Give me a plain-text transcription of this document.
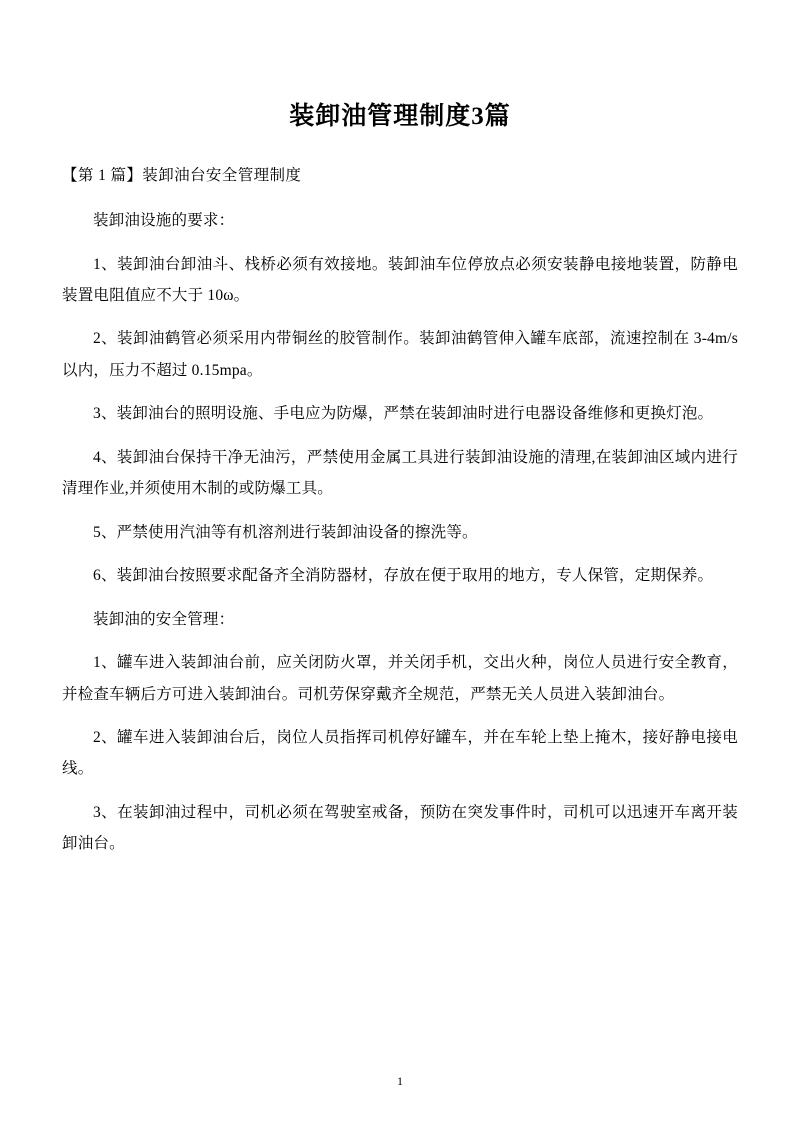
装卸油管理制度3篇
【第 1 篇】装卸油台安全管理制度

装卸油设施的要求：

1、装卸油台卸油斗、栈桥必须有效接地。装卸油车位停放点必须安装静电接地装置，防静电装置电阻值应不大于 10ω。

2、装卸油鹤管必须采用内带铜丝的胶管制作。装卸油鹤管伸入罐车底部，流速控制在 3-4m/s 以内，压力不超过 0.15mpa。

3、装卸油台的照明设施、手电应为防爆，严禁在装卸油时进行电器设备维修和更换灯泡。

4、装卸油台保持干净无油污，严禁使用金属工具进行装卸油设施的清理,在装卸油区域内进行清理作业,并须使用木制的或防爆工具。

5、严禁使用汽油等有机溶剂进行装卸油设备的擦洗等。

6、装卸油台按照要求配备齐全消防器材，存放在便于取用的地方，专人保管，定期保养。

装卸油的安全管理：

1、罐车进入装卸油台前，应关闭防火罩，并关闭手机，交出火种，岗位人员进行安全教育，并检查车辆后方可进入装卸油台。司机劳保穿戴齐全规范，严禁无关人员进入装卸油台。

2、罐车进入装卸油台后，岗位人员指挥司机停好罐车，并在车轮上垫上掩木，接好静电接电线。

3、在装卸油过程中，司机必须在驾驶室戒备，预防在突发事件时，司机可以迅速开车离开装卸油台。

1
